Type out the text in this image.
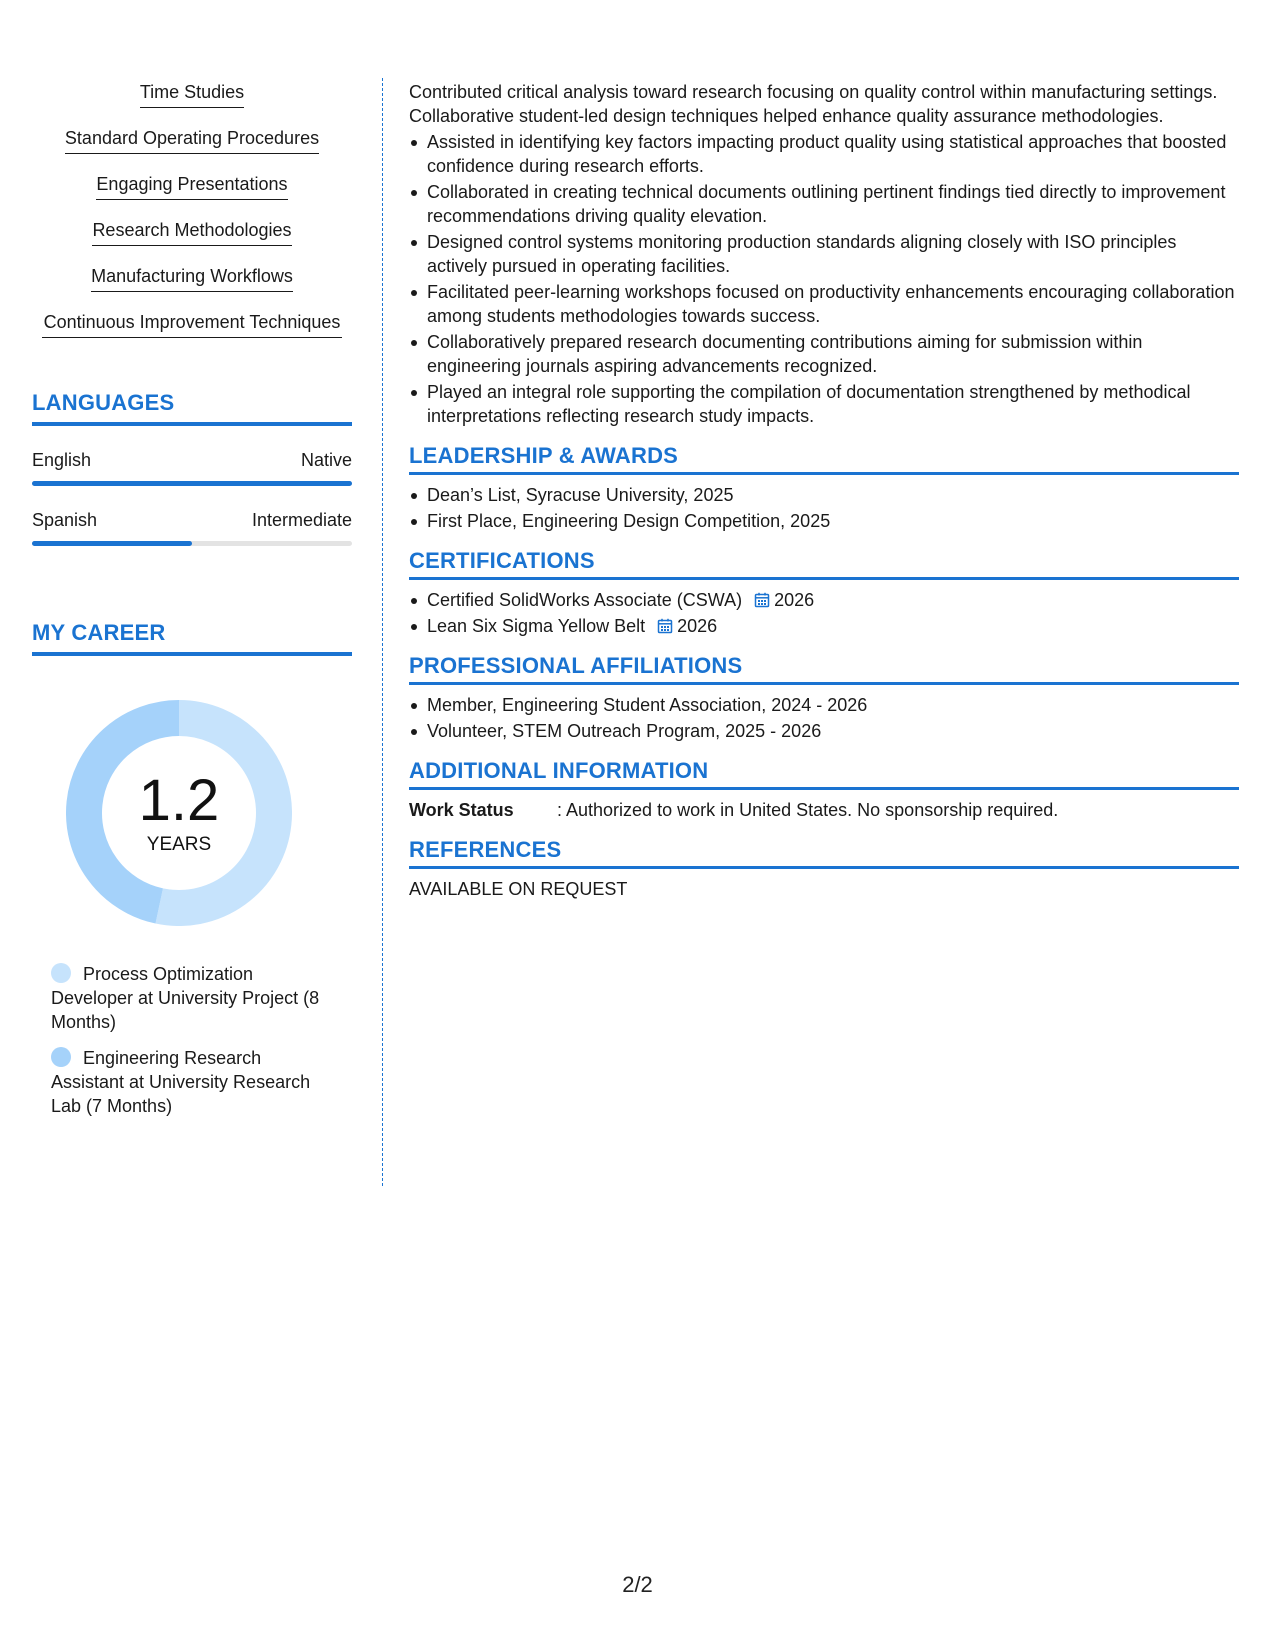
Time Studies
Standard Operating Procedures
Engaging Presentations
Research Methodologies
Manufacturing Workflows
Continuous Improvement Techniques
LANGUAGES
English	Native
Spanish	Intermediate
MY CAREER
1.2
YEARS
Process Optimization Developer at University Project (8 Months)
Engineering Research Assistant at University Research Lab (7 Months)

Contributed critical analysis toward research focusing on quality control within manufacturing settings. Collaborative student-led design techniques helped enhance quality assurance methodologies.

Assisted in identifying key factors impacting product quality using statistical approaches that boosted confidence during research efforts.
Collaborated in creating technical documents outlining pertinent findings tied directly to improvement recommendations driving quality elevation.
Designed control systems monitoring production standards aligning closely with ISO principles actively pursued in operating facilities.
Facilitated peer-learning workshops focused on productivity enhancements encouraging collaboration among students methodologies towards success.
Collaboratively prepared research documenting contributions aiming for submission within engineering journals aspiring advancements recognized.
Played an integral role supporting the compilation of documentation strengthened by methodical interpretations reflecting research study impacts.
LEADERSHIP & AWARDS
Dean’s List, Syracuse University, 2025
First Place, Engineering Design Competition, 2025
CERTIFICATIONS
Certified SolidWorks Associate (CSWA) 2026
Lean Six Sigma Yellow Belt 2026
PROFESSIONAL AFFILIATIONS
Member, Engineering Student Association, 2024 - 2026
Volunteer, STEM Outreach Program, 2025 - 2026
ADDITIONAL INFORMATION
Work Status	: Authorized to work in United States. No sponsorship required.
REFERENCES

AVAILABLE ON REQUEST

2/2
